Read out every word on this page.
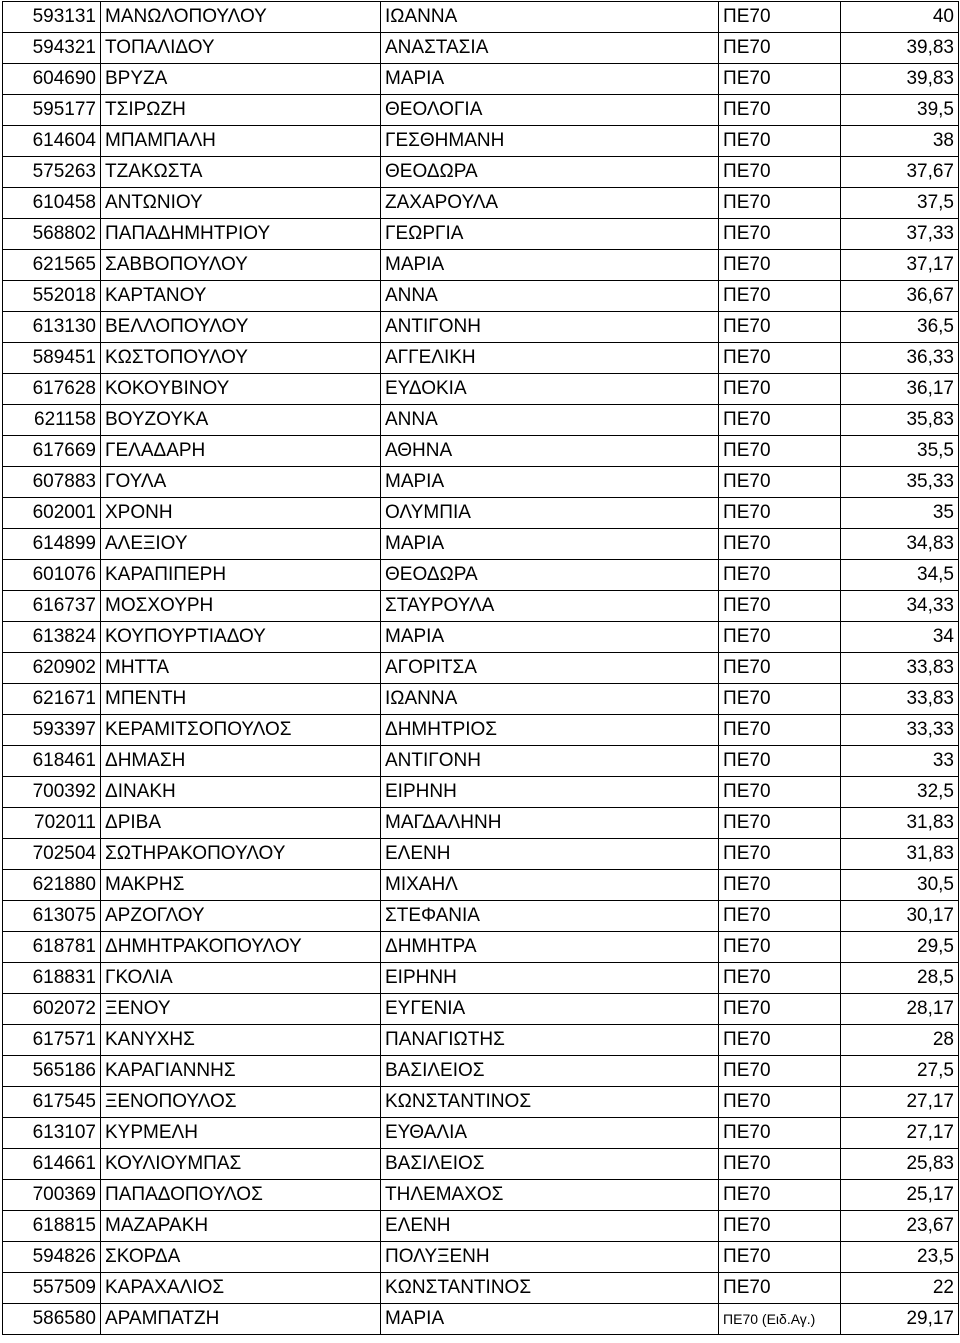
593131	ΜΑΝΩΛΟΠΟΥΛΟΥ	ΙΩΑΝΝΑ	ΠΕ70	40
594321	ΤΟΠΑΛΙΔΟΥ	ΑΝΑΣΤΑΣΙΑ	ΠΕ70	39,83
604690	ΒΡΥΖΑ	ΜΑΡΙΑ	ΠΕ70	39,83
595177	ΤΣΙΡΩΖΗ	ΘΕΟΛΟΓΙΑ	ΠΕ70	39,5
614604	ΜΠΑΜΠΑΛΗ	ΓΕΣΘΗΜΑΝΗ	ΠΕ70	38
575263	ΤΖΑΚΩΣΤΑ	ΘΕΟΔΩΡΑ	ΠΕ70	37,67
610458	ΑΝΤΩΝΙΟΥ	ΖΑΧΑΡΟΥΛΑ	ΠΕ70	37,5
568802	ΠΑΠΑΔΗΜΗΤΡΙΟΥ	ΓΕΩΡΓΙΑ	ΠΕ70	37,33
621565	ΣΑΒΒΟΠΟΥΛΟΥ	ΜΑΡΙΑ	ΠΕ70	37,17
552018	ΚΑΡΤΑΝΟΥ	ΑΝΝΑ	ΠΕ70	36,67
613130	ΒΕΛΛΟΠΟΥΛΟΥ	ΑΝΤΙΓΟΝΗ	ΠΕ70	36,5
589451	ΚΩΣΤΟΠΟΥΛΟΥ	ΑΓΓΕΛΙΚΗ	ΠΕ70	36,33
617628	ΚΟΚΟΥΒΙΝΟΥ	ΕΥΔΟΚΙΑ	ΠΕ70	36,17
621158	ΒΟΥΖΟΥΚΑ	ΑΝΝΑ	ΠΕ70	35,83
617669	ΓΕΛΑΔΑΡΗ	ΑΘΗΝΑ	ΠΕ70	35,5
607883	ΓΟΥΛΑ	ΜΑΡΙΑ	ΠΕ70	35,33
602001	ΧΡΟΝΗ	ΟΛΥΜΠΙΑ	ΠΕ70	35
614899	ΑΛΕΞΙΟΥ	ΜΑΡΙΑ	ΠΕ70	34,83
601076	ΚΑΡΑΠΙΠΕΡΗ	ΘΕΟΔΩΡΑ	ΠΕ70	34,5
616737	ΜΟΣΧΟΥΡΗ	ΣΤΑΥΡΟΥΛΑ	ΠΕ70	34,33
613824	ΚΟΥΠΟΥΡΤΙΑΔΟΥ	ΜΑΡΙΑ	ΠΕ70	34
620902	ΜΗΤΤΑ	ΑΓΟΡΙΤΣΑ	ΠΕ70	33,83
621671	ΜΠΕΝΤΗ	ΙΩΑΝΝΑ	ΠΕ70	33,83
593397	ΚΕΡΑΜΙΤΣΟΠΟΥΛΟΣ	ΔΗΜΗΤΡΙΟΣ	ΠΕ70	33,33
618461	ΔΗΜΑΣΗ	ΑΝΤΙΓΟΝΗ	ΠΕ70	33
700392	ΔΙΝΑΚΗ	ΕΙΡΗΝΗ	ΠΕ70	32,5
702011	ΔΡΙΒΑ	ΜΑΓΔΑΛΗΝΗ	ΠΕ70	31,83
702504	ΣΩΤΗΡΑΚΟΠΟΥΛΟΥ	ΕΛΕΝΗ	ΠΕ70	31,83
621880	ΜΑΚΡΗΣ	ΜΙΧΑΗΛ	ΠΕ70	30,5
613075	ΑΡΖΟΓΛΟΥ	ΣΤΕΦΑΝΙΑ	ΠΕ70	30,17
618781	ΔΗΜΗΤΡΑΚΟΠΟΥΛΟΥ	ΔΗΜΗΤΡΑ	ΠΕ70	29,5
618831	ΓΚΟΛΙΑ	ΕΙΡΗΝΗ	ΠΕ70	28,5
602072	ΞΕΝΟΥ	ΕΥΓΕΝΙΑ	ΠΕ70	28,17
617571	ΚΑΝΥΧΗΣ	ΠΑΝΑΓΙΩΤΗΣ	ΠΕ70	28
565186	ΚΑΡΑΓΙΑΝΝΗΣ	ΒΑΣΙΛΕΙΟΣ	ΠΕ70	27,5
617545	ΞΕΝΟΠΟΥΛΟΣ	ΚΩΝΣΤΑΝΤΙΝΟΣ	ΠΕ70	27,17
613107	ΚΥΡΜΕΛΗ	ΕΥΘΑΛΙΑ	ΠΕ70	27,17
614661	ΚΟΥΛΙΟΥΜΠΑΣ	ΒΑΣΙΛΕΙΟΣ	ΠΕ70	25,83
700369	ΠΑΠΑΔΟΠΟΥΛΟΣ	ΤΗΛΕΜΑΧΟΣ	ΠΕ70	25,17
618815	ΜΑΖΑΡΑΚΗ	ΕΛΕΝΗ	ΠΕ70	23,67
594826	ΣΚΟΡΔΑ	ΠΟΛΥΞΕΝΗ	ΠΕ70	23,5
557509	ΚΑΡΑΧΑΛΙΟΣ	ΚΩΝΣΤΑΝΤΙΝΟΣ	ΠΕ70	22
586580	ΑΡΑΜΠΑΤΖΗ	ΜΑΡΙΑ	ΠΕ70 (Ειδ.Αγ.)	29,17
